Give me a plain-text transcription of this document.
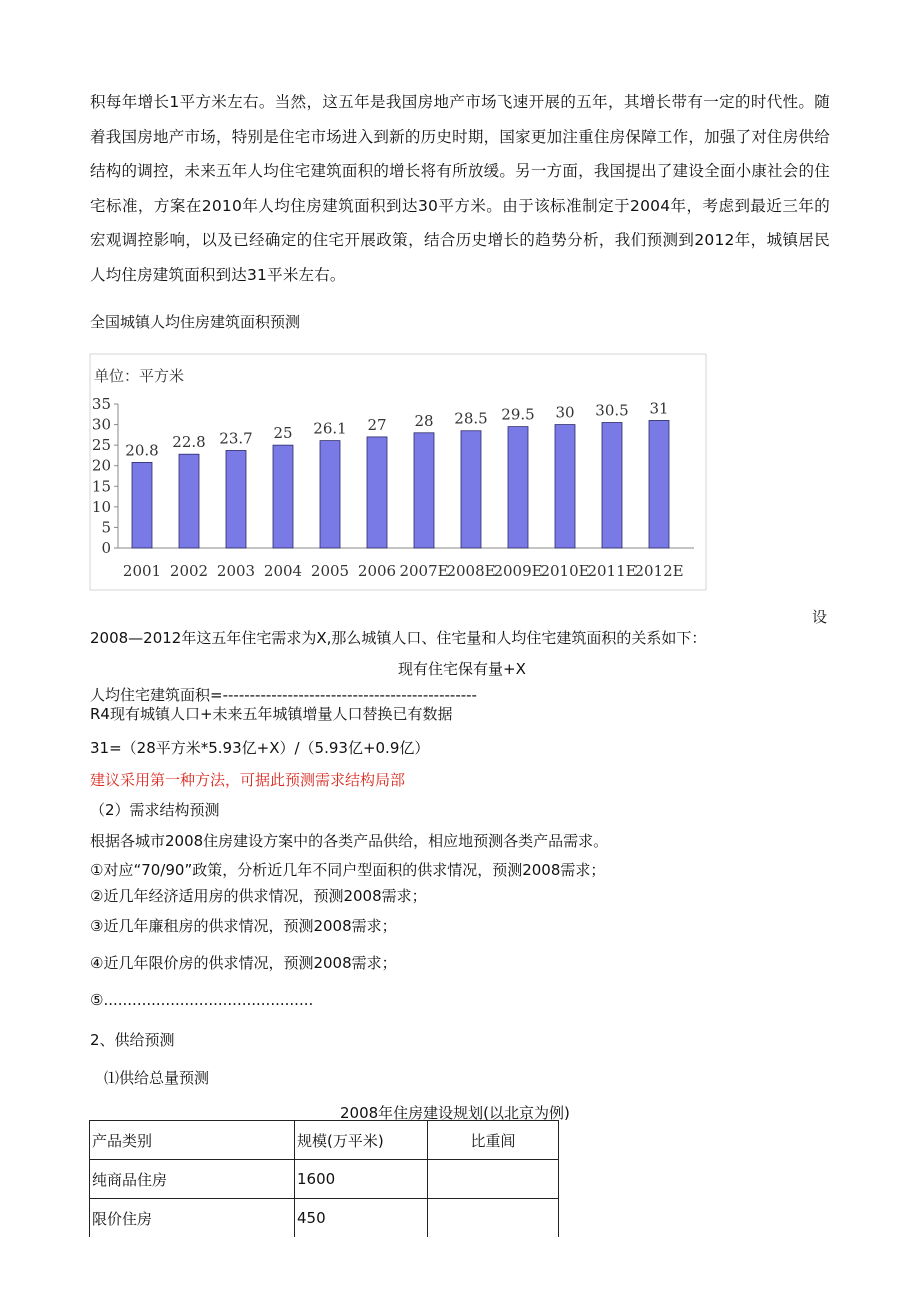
积每年增长1平方米左右。当然，这五年是我国房地产市场飞速开展的五年，其增长带有一定的时代性。随着我国房地产市场，特别是住宅市场进入到新的历史时期，国家更加注重住房保障工作，加强了对住房供给结构的调控，未来五年人均住宅建筑面积的增长将有所放缓。另一方面，我国提出了建设全面小康社会的住宅标准，方案在2010年人均住房建筑面积到达30平方米。由于该标准制定于2004年，考虑到最近三年的宏观调控影响，以及已经确定的住宅开展政策，结合历史增长的趋势分析，我们预测到2012年，城镇居民人均住房建筑面积到达31平米左右。
全国城镇人均住房建筑面积预测
单位：平方米
0
5
10
15
20
25
30
35
20.8 22.8 23.7 25 26.1 27 28 28.5 29.5 30 30.5 31
2001 2002 2003 2004 2005 2006 2007E
2008E
2009E
2010E
2011E
2012E
设
2008—2012年这五年住宅需求为X,那么城镇人口、住宅量和人均住宅建筑面积的关系如下：
现有住宅保有量+X
人均住宅建筑面积=-----------------------------------------------
R4现有城镇人口+未来五年城镇增量人口替换已有数据
31=（28平方米*5.93亿+X）/（5.93亿+0.9亿）
建议采用第一种方法，可据此预测需求结构局部
（2）需求结构预测
根据各城市2008住房建设方案中的各类产品供给，相应地预测各类产品需求。
①对应“70/90”政策，分析近几年不同户型面积的供求情况，预测2008需求；
②近几年经济适用房的供求情况，预测2008需求；
③近几年廉租房的供求情况，预测2008需求；
④近几年限价房的供求情况，预测2008需求；
⑤............................................
2、供给预测
⑴供给总量预测
2008年住房建设规划(以北京为例)
产品类别	规模(万平米)	比重闾
纯商品住房	1600	
限价住房	450	
